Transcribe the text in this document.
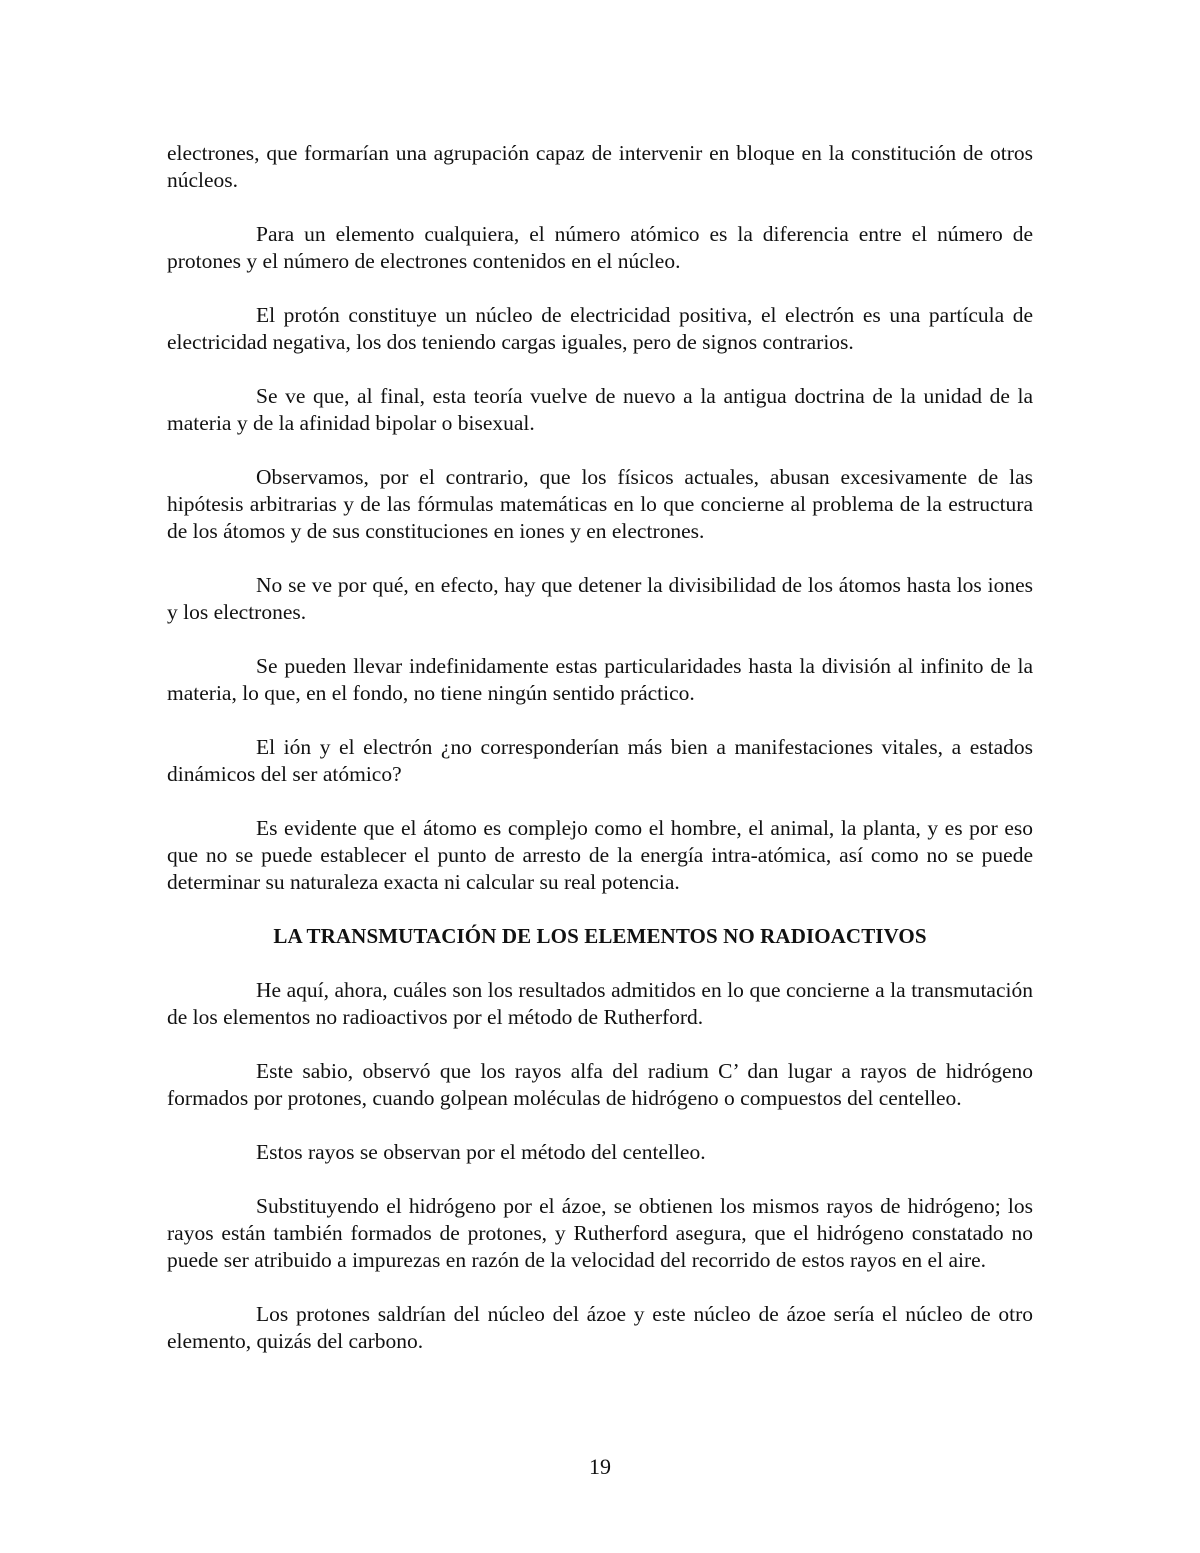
electrones, que formarían una agrupación capaz de intervenir en bloque en la constitución de otros núcleos.

Para un elemento cualquiera, el número atómico es la diferencia entre el número de protones y el número de electrones contenidos en el núcleo.

El protón constituye un núcleo de electricidad positiva, el electrón es una partícula de electricidad negativa, los dos teniendo cargas iguales, pero de signos contrarios.

Se ve que, al final, esta teoría vuelve de nuevo a la antigua doctrina de la unidad de la materia y de la afinidad bipolar o bisexual.

Observamos, por el contrario, que los físicos actuales, abusan excesivamente de las hipótesis arbitrarias y de las fórmulas matemáticas en lo que concierne al problema de la estructura de los átomos y de sus constituciones en iones y en electrones.

No se ve por qué, en efecto, hay que detener la divisibilidad de los átomos hasta los iones y los electrones.

Se pueden llevar indefinidamente estas particularidades hasta la división al infinito de la materia, lo que, en el fondo, no tiene ningún sentido práctico.

El ión y el electrón ¿no corresponderían más bien a manifestaciones vitales, a estados dinámicos del ser atómico?

Es evidente que el átomo es complejo como el hombre, el animal, la planta, y es por eso que no se puede establecer el punto de arresto de la energía intra-atómica, así como no se puede determinar su naturaleza exacta ni calcular su real potencia.

LA TRANSMUTACIÓN DE LOS ELEMENTOS NO RADIOACTIVOS

He aquí, ahora, cuáles son los resultados admitidos en lo que concierne a la transmutación de los elementos no radioactivos por el método de Rutherford.

Este sabio, observó que los rayos alfa del radium C’ dan lugar a rayos de hidrógeno formados por protones, cuando golpean moléculas de hidrógeno o compuestos del centelleo.

Estos rayos se observan por el método del centelleo.

Substituyendo el hidrógeno por el ázoe, se obtienen los mismos rayos de hidrógeno; los rayos están también formados de protones, y Rutherford asegura, que el hidrógeno constatado no puede ser atribuido a impurezas en razón de la velocidad del recorrido de estos rayos en el aire.

Los protones saldrían del núcleo del ázoe y este núcleo de ázoe sería el núcleo de otro elemento, quizás del carbono.

19
